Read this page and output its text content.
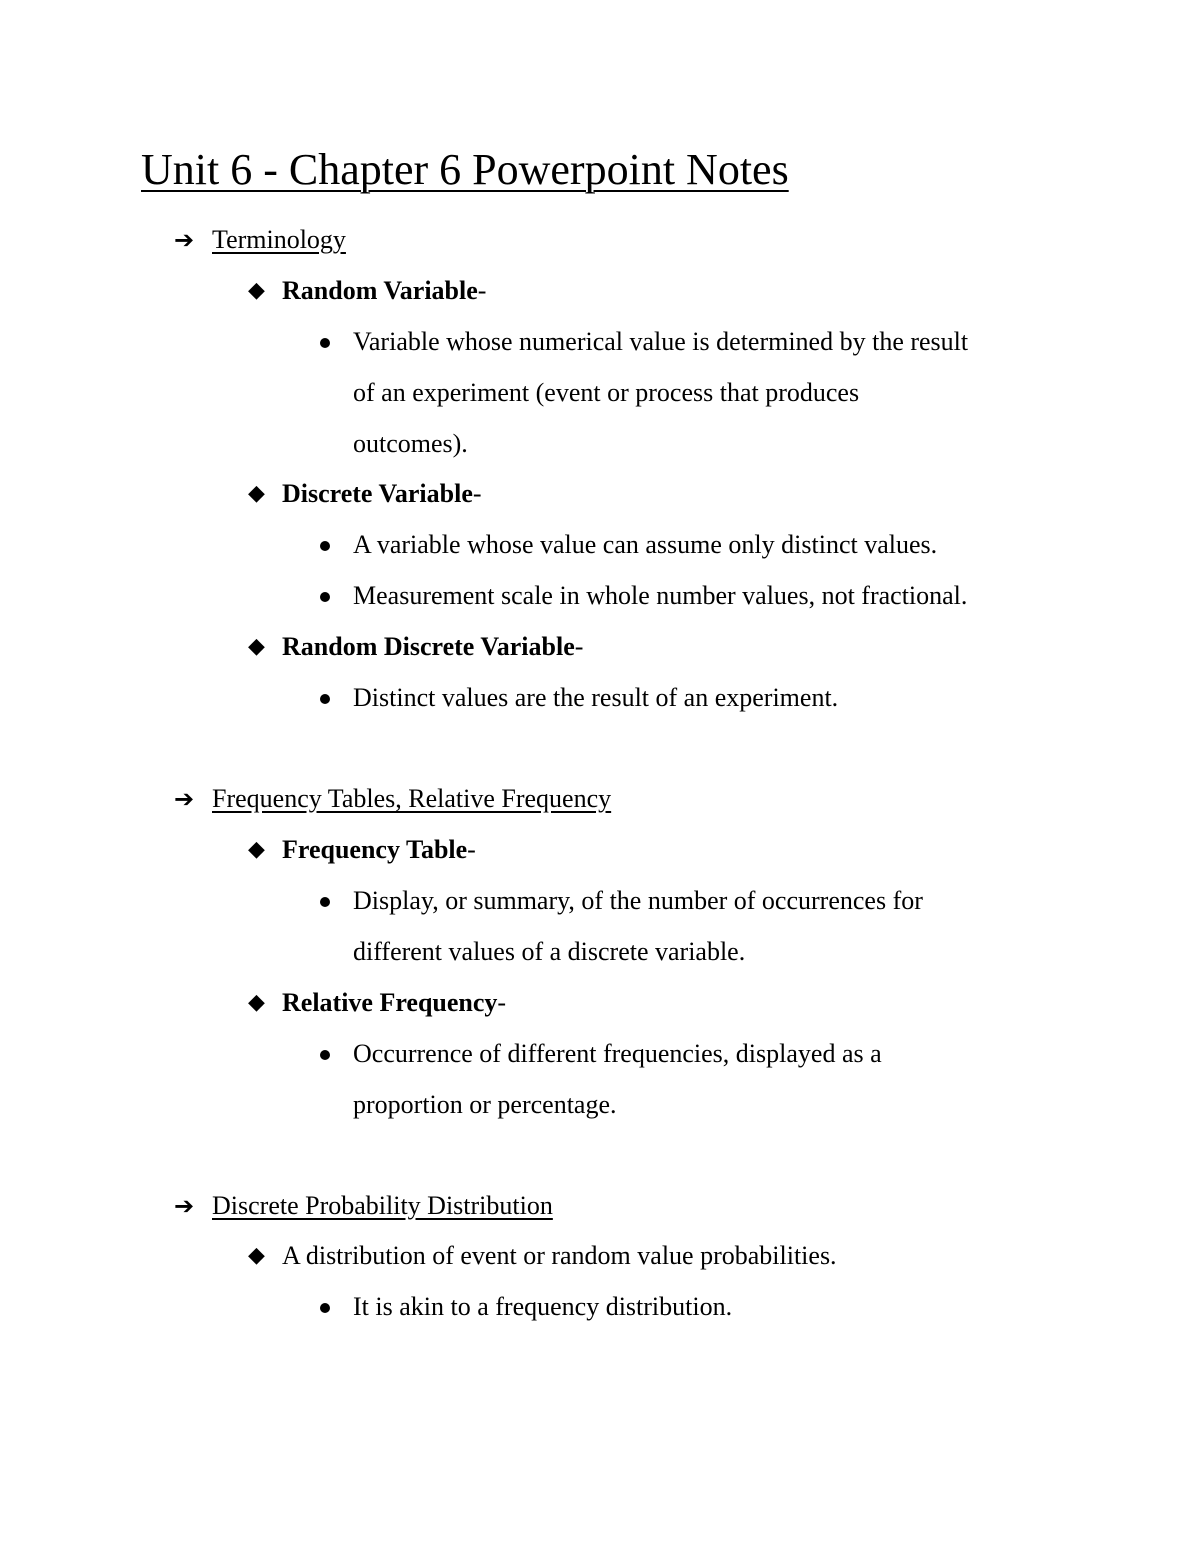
Unit 6 - Chapter 6 Powerpoint Notes
➔ Terminology
◆ Random Variable-
Variable whose numerical value is determined by the result
of an experiment (event or process that produces
outcomes).
◆ Discrete Variable-
A variable whose value can assume only distinct values.
Measurement scale in whole number values, not fractional.
◆ Random Discrete Variable-
Distinct values are the result of an experiment.
➔ Frequency Tables, Relative Frequency
◆ Frequency Table-
Display, or summary, of the number of occurrences for
different values of a discrete variable.
◆ Relative Frequency-
Occurrence of different frequencies, displayed as a
proportion or percentage.
➔ Discrete Probability Distribution
◆ A distribution of event or random value probabilities.
It is akin to a frequency distribution.
